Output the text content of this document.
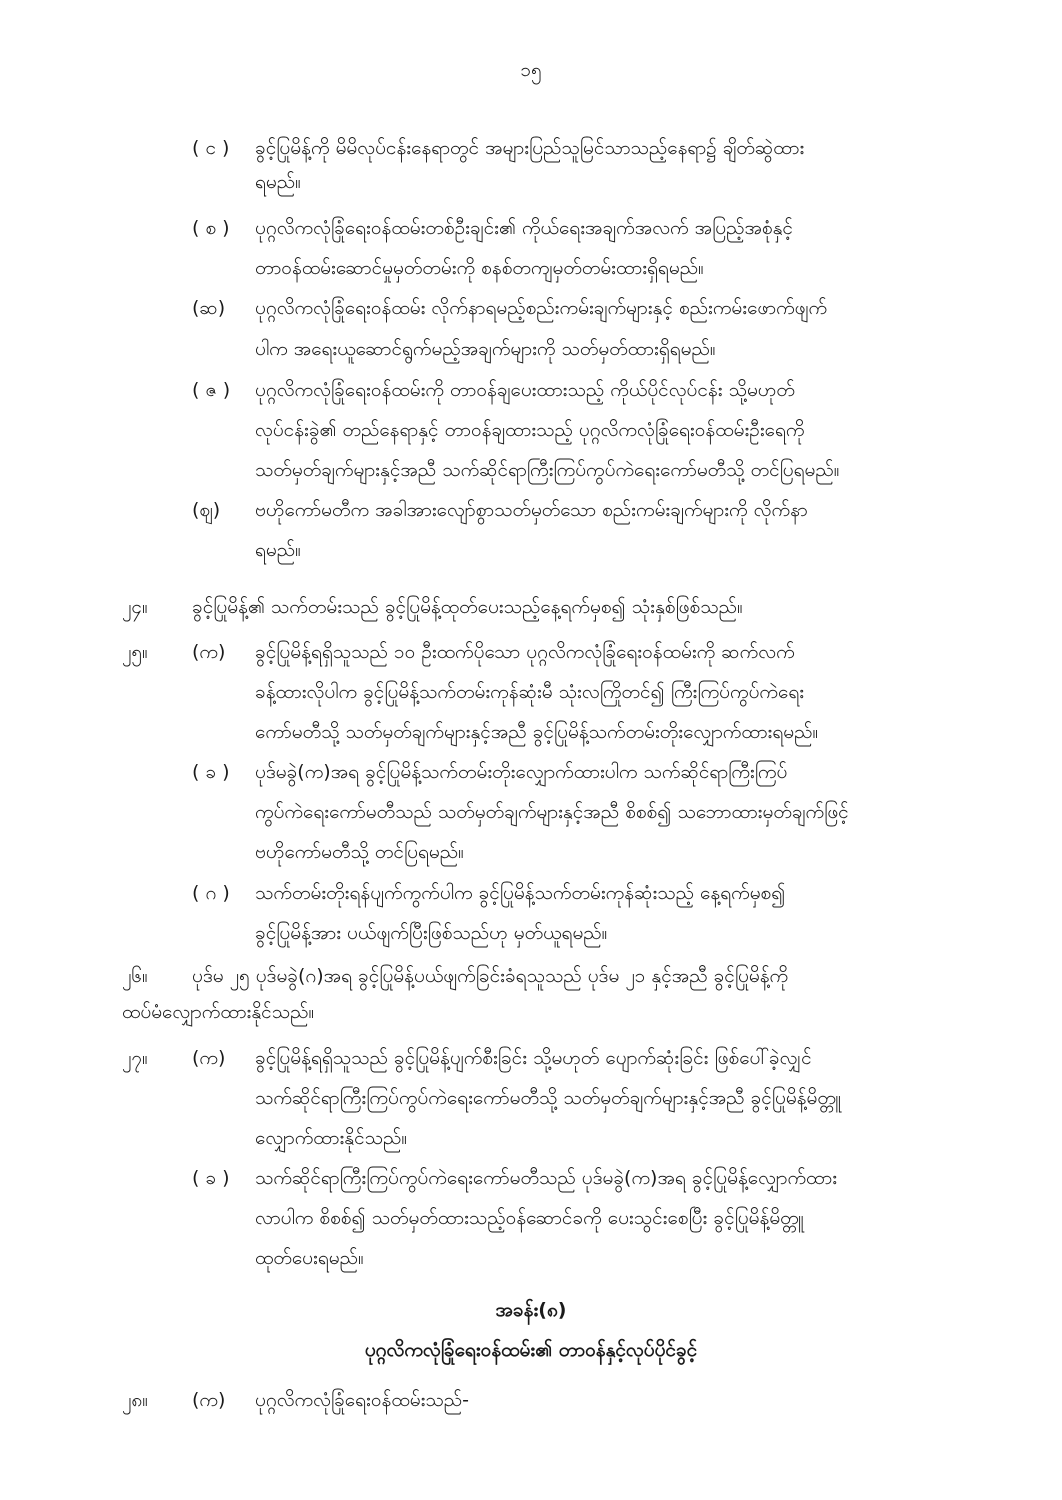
၁၅
( င ) ခွင့်ပြုမိန့်ကို မိမိလုပ်ငန်းနေရာတွင် အများပြည်သူမြင်သာသည့်နေရာ၌ ချိတ်ဆွဲထား
ရမည်။
( စ ) ပုဂ္ဂလိကလုံခြုံရေးဝန်ထမ်းတစ်ဦးချင်း၏ ကိုယ်ရေးအချက်အလက် အပြည့်အစုံနှင့်
တာဝန်ထမ်းဆောင်မှုမှတ်တမ်းကို စနစ်တကျမှတ်တမ်းထားရှိရမည်။
(ဆ) ပုဂ္ဂလိကလုံခြုံရေးဝန်ထမ်း လိုက်နာရမည့်စည်းကမ်းချက်များနှင့် စည်းကမ်းဖောက်ဖျက်
ပါက အရေးယူဆောင်ရွက်မည့်အချက်များကို သတ်မှတ်ထားရှိရမည်။
( ဇ ) ပုဂ္ဂလိကလုံခြုံရေးဝန်ထမ်းကို တာဝန်ချပေးထားသည့် ကိုယ်ပိုင်လုပ်ငန်း သို့မဟုတ်
လုပ်ငန်းခွဲ၏ တည်နေရာနှင့် တာဝန်ချထားသည့် ပုဂ္ဂလိကလုံခြုံရေးဝန်ထမ်းဦးရေကို
သတ်မှတ်ချက်များနှင့်အညီ သက်ဆိုင်ရာကြီးကြပ်ကွပ်ကဲရေးကော်မတီသို့ တင်ပြရမည်။
(ဈ) ဗဟိုကော်မတီက အခါအားလျော်စွာသတ်မှတ်သော စည်းကမ်းချက်များကို လိုက်နာ
ရမည်။
၂၄။ ခွင့်ပြုမိန့်၏ သက်တမ်းသည် ခွင့်ပြုမိန့်ထုတ်ပေးသည့်နေ့ရက်မှစ၍ သုံးနှစ်ဖြစ်သည်။
၂၅။ (က) ခွင့်ပြုမိန့်ရရှိသူသည် ၁၀ ဦးထက်ပိုသော ပုဂ္ဂလိကလုံခြုံရေးဝန်ထမ်းကို ဆက်လက်
ခန့်ထားလိုပါက ခွင့်ပြုမိန့်သက်တမ်းကုန်ဆုံးမီ သုံးလကြိုတင်၍ ကြီးကြပ်ကွပ်ကဲရေး
ကော်မတီသို့ သတ်မှတ်ချက်များနှင့်အညီ ခွင့်ပြုမိန့်သက်တမ်းတိုးလျှောက်ထားရမည်။
( ခ ) ပုဒ်မခွဲ(က)အရ ခွင့်ပြုမိန့်သက်တမ်းတိုးလျှောက်ထားပါက သက်ဆိုင်ရာကြီးကြပ်
ကွပ်ကဲရေးကော်မတီသည် သတ်မှတ်ချက်များနှင့်အညီ စိစစ်၍ သဘောထားမှတ်ချက်ဖြင့်
ဗဟိုကော်မတီသို့ တင်ပြရမည်။
( ဂ ) သက်တမ်းတိုးရန်ပျက်ကွက်ပါက ခွင့်ပြုမိန့်သက်တမ်းကုန်ဆုံးသည့် နေ့ရက်မှစ၍
ခွင့်ပြုမိန့်အား ပယ်ဖျက်ပြီးဖြစ်သည်ဟု မှတ်ယူရမည်။
၂၆။ ပုဒ်မ ၂၅ ပုဒ်မခွဲ(ဂ)အရ ခွင့်ပြုမိန့်ပယ်ဖျက်ခြင်းခံရသူသည် ပုဒ်မ ၂၁ နှင့်အညီ ခွင့်ပြုမိန့်ကို
ထပ်မံလျှောက်ထားနိုင်သည်။
၂၇။ (က) ခွင့်ပြုမိန့်ရရှိသူသည် ခွင့်ပြုမိန့်ပျက်စီးခြင်း သို့မဟုတ် ပျောက်ဆုံးခြင်း ဖြစ်ပေါ်ခဲ့လျှင်
သက်ဆိုင်ရာကြီးကြပ်ကွပ်ကဲရေးကော်မတီသို့ သတ်မှတ်ချက်များနှင့်အညီ ခွင့်ပြုမိန့်မိတ္တူ
လျှောက်ထားနိုင်သည်။
( ခ ) သက်ဆိုင်ရာကြီးကြပ်ကွပ်ကဲရေးကော်မတီသည် ပုဒ်မခွဲ(က)အရ ခွင့်ပြုမိန့်လျှောက်ထား
လာပါက စိစစ်၍ သတ်မှတ်ထားသည့်ဝန်ဆောင်ခကို ပေးသွင်းစေပြီး ခွင့်ပြုမိန့်မိတ္တူ
ထုတ်ပေးရမည်။
အခန်း(၈)
ပုဂ္ဂလိကလုံခြုံရေးဝန်ထမ်း၏ တာဝန်နှင့်လုပ်ပိုင်ခွင့်
၂၈။ (က) ပုဂ္ဂလိကလုံခြုံရေးဝန်ထမ်းသည်-
